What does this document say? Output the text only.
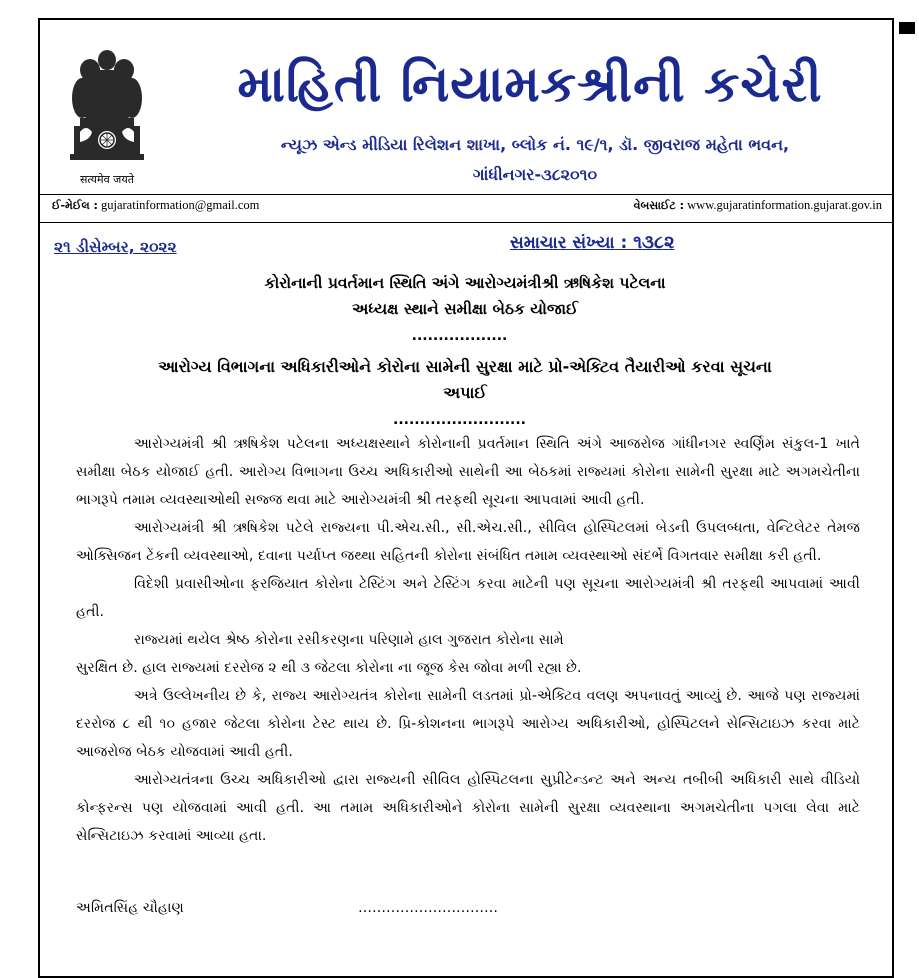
सत्यमेव जयते
માહિતી નિયામકશ્રીની કચેરી
ન્યૂઝ એન્ડ મીડિયા રિલેશન શાખા, બ્લોક નં. ૧૯/૧, ડૉ. જીવરાજ મહેતા ભવન,
ગાંધીનગર-૩૮૨૦૧૦
ઈ-મેઈલ : gujaratinformation@gmail.com	વેબસાઈટ : www.gujaratinformation.gujarat.gov.in
૨૧ ડીસેમ્બર, ૨૦૨૨	સમાચાર સંખ્યા : ૧૩૮૨
કોરોનાની પ્રવર્તમાન સ્થિતિ અંગે આરોગ્યમંત્રીશ્રી ઋષિકેશ પટેલના
અધ્યક્ષ સ્થાને સમીક્ષા બેઠક યોજાઈ
..................
આરોગ્ય વિભાગના અધિકારીઓને કોરોના સામેની સુરક્ષા માટે પ્રો-એક્ટિવ તૈયારીઓ કરવા સૂચના
અપાઈ
.........................

આરોગ્યમંત્રી શ્રી ઋષિકેશ પટેલના અધ્યક્ષસ્થાને કોરોનાની પ્રવર્તમાન સ્થિતિ અંગે આજરોજ ગાંધીનગર સ્વર્ણિમ સંકુલ-1 ખાતે સમીક્ષા બેઠક યોજાઈ હતી. આરોગ્ય વિભાગના ઉચ્ચ અધિકારીઓ સાથેની આ બેઠકમાં રાજ્યમાં કોરોના સામેની સુરક્ષા માટે અગમચેતીના ભાગરૂપે તમામ વ્યવસ્થાઓથી સજ્જ થવા માટે આરોગ્યમંત્રી શ્રી તરફથી સૂચના આપવામાં આવી હતી.

આરોગ્યમંત્રી શ્રી ઋષિકેશ પટેલે રાજ્યના પી.એચ.સી., સી.એચ.સી., સીવિલ હોસ્પિટલમાં બેડની ઉપલબ્ધતા, વેન્ટિલેટર તેમજ ઓક્સિજન ટેંકની વ્યવસ્થાઓ, દવાના પર્યાપ્ત જથ્થા સહિતની કોરોના સંબંધિત તમામ વ્યવસ્થાઓ સંદર્ભે વિગતવાર સમીક્ષા કરી હતી.

વિદેશી પ્રવાસીઓના ફરજિયાત કોરોના ટેસ્ટિંગ અને ટેસ્ટિંગ કરવા માટેની પણ સૂચના આરોગ્યમંત્રી શ્રી તરફથી આપવામાં આવી હતી.

રાજ્યમાં થયેલ શ્રેષ્ઠ કોરોના રસીકરણના પરિણામે હાલ ગુજરાત કોરોના સામે

સુરક્ષિત છે. હાલ રાજ્યમાં દરરોજ ૨ થી ૩ જેટલા કોરોના ના જૂજ કેસ જોવા મળી રહ્યા છે.

અત્રે ઉલ્લેખનીય છે કે, રાજ્ય આરોગ્યતંત્ર કોરોના સામેની લડતમાં પ્રો-એક્ટિવ વલણ અપનાવતું આવ્યું છે. આજે પણ રાજ્યમાં દરરોજ ૮ થી ૧૦ હજાર જેટલા કોરોના ટેસ્ટ થાય છે. પ્રિ-કોશનના ભાગરૂપે આરોગ્ય અધિકારીઓ, હોસ્પિટલને સેન્સિટાઇઝ કરવા માટે આજરોજ બેઠક યોજવામાં આવી હતી.

આરોગ્યતંત્રના ઉચ્ચ અધિકારીઓ દ્વારા રાજ્યની સીવિલ હોસ્પિટલના સુપ્રીટેન્ડન્ટ અને અન્ય તબીબી અધિકારી સાથે વીડિયો કોન્ફરન્સ પણ યોજવામાં આવી હતી. આ તમામ અધિકારીઓને કોરોના સામેની સુરક્ષા વ્યવસ્થાના અગમચેતીના પગલા લેવા માટે સેન્સિટાઇઝ કરવામાં આવ્યા હતા.

અમિતસિંહ ચૌહાણ	…………………………
